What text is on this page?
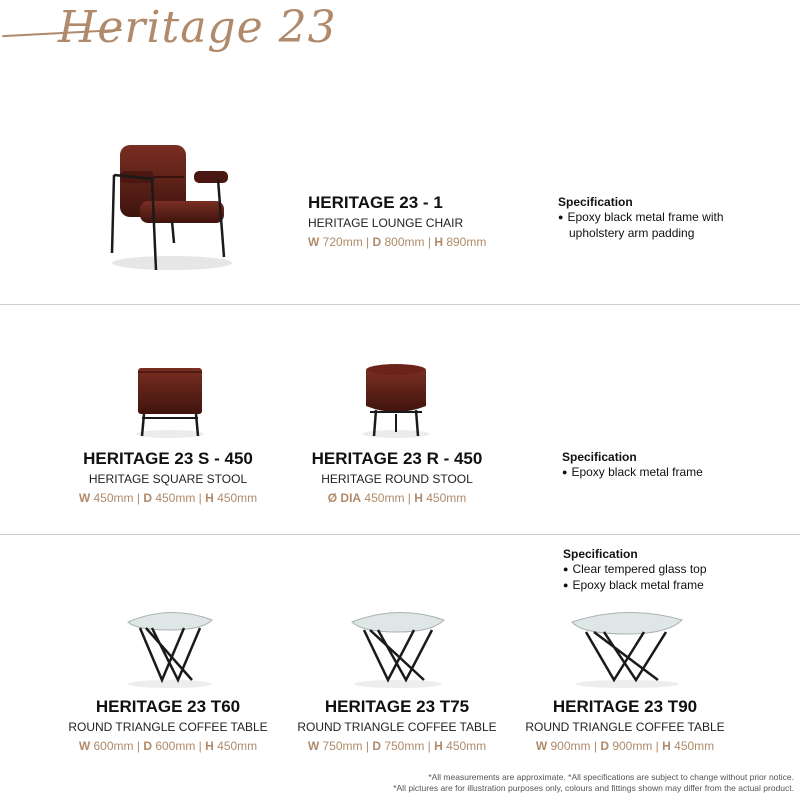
Heritage 23
HERITAGE 23 - 1
HERITAGE LOUNGE CHAIR
W 720mm | D 800mm | H 890mm
Specification
● Epoxy black metal frame with upholstery arm padding
HERITAGE 23 S - 450
HERITAGE SQUARE STOOL
W 450mm | D 450mm | H 450mm
HERITAGE 23 R - 450
HERITAGE ROUND STOOL
Ø DIA 450mm | H 450mm
Specification
● Epoxy black metal frame
Specification
● Clear tempered glass top
● Epoxy black metal frame
HERITAGE 23 T60
ROUND TRIANGLE COFFEE TABLE
W 600mm | D 600mm | H 450mm
HERITAGE 23 T75
ROUND TRIANGLE COFFEE TABLE
W 750mm | D 750mm | H 450mm
HERITAGE 23 T90
ROUND TRIANGLE COFFEE TABLE
W 900mm | D 900mm | H 450mm
*All measurements are approximate. *All specifications are subject to change without prior notice.
*All pictures are for illustration purposes only, colours and fittings shown may differ from the actual product.
